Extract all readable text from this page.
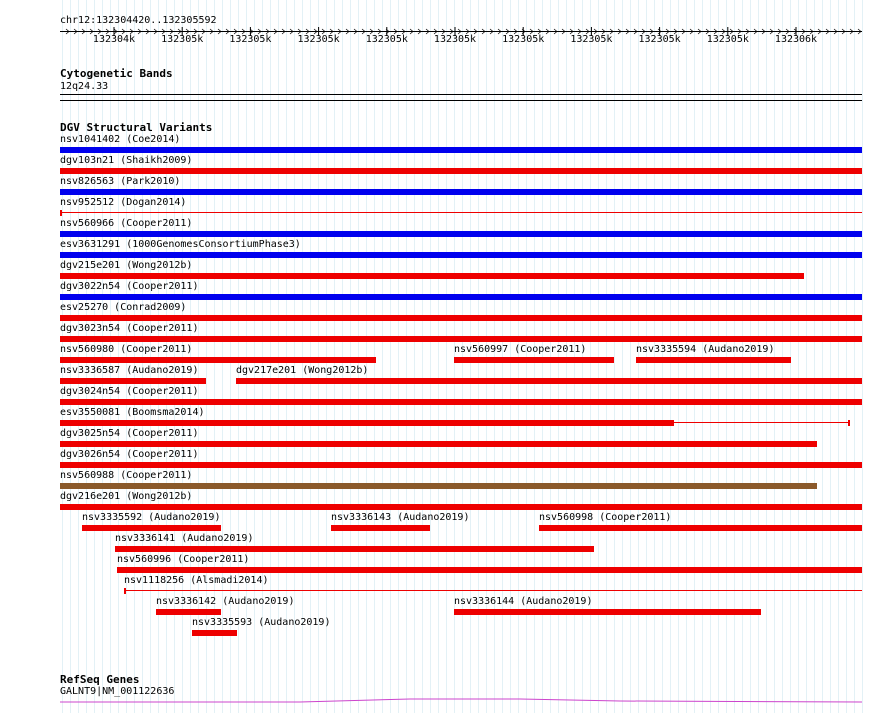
chr12:132304420..132305592
132304k	132305k	132305k	132305k	132305k	132305k	132305k	132305k	132305k	132305k	132306k
Cytogenetic Bands
12q24.33
DGV Structural Variants
nsv1041402 (Coe2014)
dgv103n21 (Shaikh2009)
nsv826563 (Park2010)
nsv952512 (Dogan2014)
nsv560966 (Cooper2011)
esv3631291 (1000GenomesConsortiumPhase3)
dgv215e201 (Wong2012b)
dgv3022n54 (Cooper2011)
esv25270 (Conrad2009)
dgv3023n54 (Cooper2011)
nsv560980 (Cooper2011)	nsv560997 (Cooper2011)	nsv3335594 (Audano2019)
nsv3336587 (Audano2019)	dgv217e201 (Wong2012b)
dgv3024n54 (Cooper2011)
esv3550081 (Boomsma2014)
dgv3025n54 (Cooper2011)
dgv3026n54 (Cooper2011)
nsv560988 (Cooper2011)
dgv216e201 (Wong2012b)
nsv3335592 (Audano2019)	nsv3336143 (Audano2019)	nsv560998 (Cooper2011)
nsv3336141 (Audano2019)
nsv560996 (Cooper2011)
nsv1118256 (Alsmadi2014)
nsv3336142 (Audano2019)	nsv3336144 (Audano2019)
nsv3335593 (Audano2019)
RefSeq Genes
GALNT9|NM_001122636
